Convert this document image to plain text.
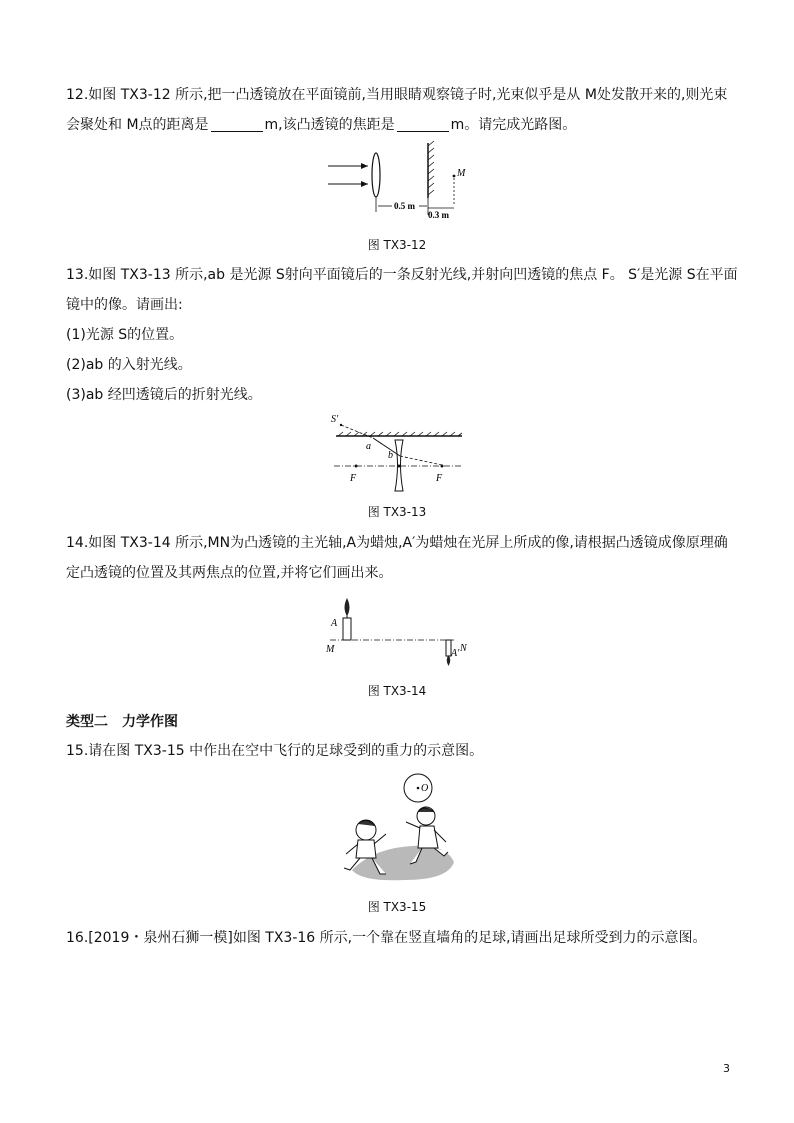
12.如图 TX3-12 所示,把一凸透镜放在平面镜前,当用眼睛观察镜子时,光束似乎是从 M处发散开来的,则光束
会聚处和 M点的距离是	m,该凸透镜的焦距是	m。请完成光路图。
M
0.5 m
0.3 m
图 TX3-12
13.如图 TX3-13 所示,ab 是光源 S射向平面镜后的一条反射光线,并射向凹透镜的焦点 F。 S′是光源 S在平面
镜中的像。请画出:
(1)光源 S的位置。
(2)ab 的入射光线。
(3)ab 经凹透镜后的折射光线。
S′
a
b
F	F
图 TX3-13
14.如图 TX3-14 所示,MN为凸透镜的主光轴,A为蜡烛,A′为蜡烛在光屏上所成的像,请根据凸透镜成像原理确
定凸透镜的位置及其两焦点的位置,并将它们画出来。
A
M	A′ N
图 TX3-14
类型二　力学作图
15.请在图 TX3-15 中作出在空中飞行的足球受到的重力的示意图。
O
图 TX3-15
16.[2019・泉州石狮一模]如图 TX3-16 所示,一个靠在竖直墙角的足球,请画出足球所受到力的示意图。
3
